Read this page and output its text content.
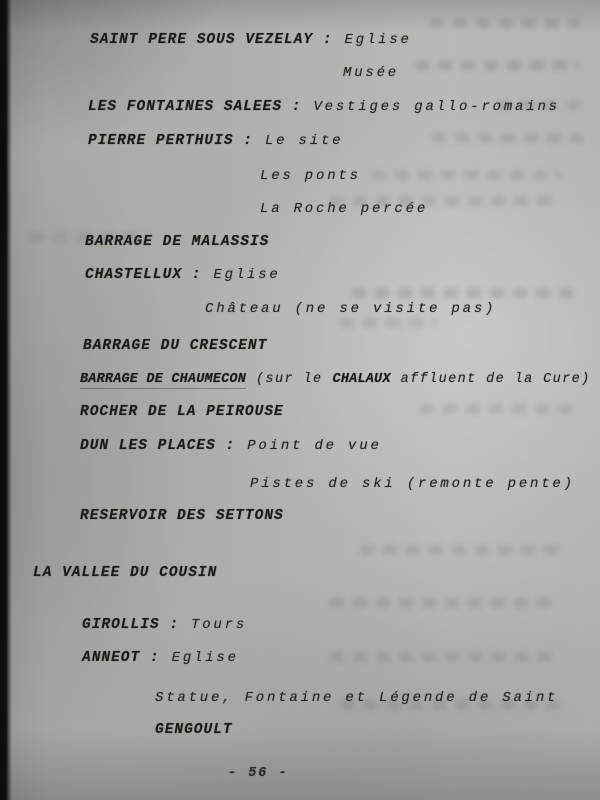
SAINT PERE SOUS VEZELAY : Eglise
Musée
LES FONTAINES SALEES : Vestiges gallo-romains
PIERRE PERTHUIS : Le site
Les ponts
La Roche percée
BARRAGE DE MALASSIS
CHASTELLUX : Eglise
Château (ne se visite pas)
BARRAGE DU CRESCENT
BARRAGE DE CHAUMECON (sur le CHALAUX affluent de la Cure)
ROCHER DE LA PEIROUSE
DUN LES PLACES : Point de vue
Pistes de ski (remonte pente)
RESERVOIR DES SETTONS
LA VALLEE DU COUSIN
GIROLLIS : Tours
ANNEOT : Eglise
Statue, Fontaine et Légende de Saint
GENGOULT
- 56 -
